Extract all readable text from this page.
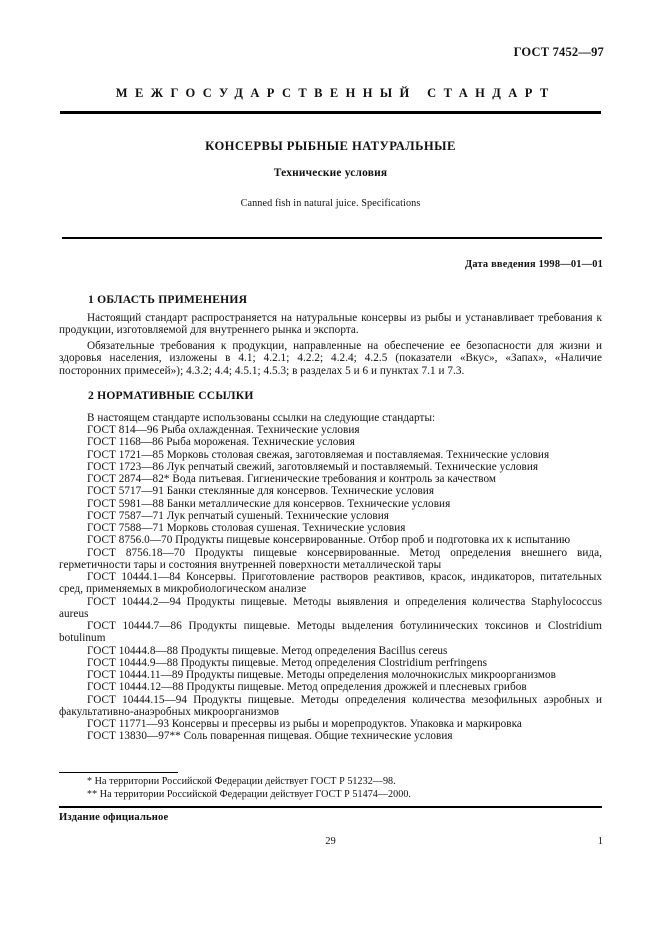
ГОСТ 7452—97
МЕЖГОСУДАРСТВЕННЫЙ СТАНДАРТ
КОНСЕРВЫ РЫБНЫЕ НАТУРАЛЬНЫЕ
Технические условия
Canned fish in natural juice. Specifications
Дата введения 1998—01—01
1 ОБЛАСТЬ ПРИМЕНЕНИЯ

Настоящий стандарт распространяется на натуральные консервы из рыбы и устанавливает требования к продукции, изготовляемой для внутреннего рынка и экспорта.

Обязательные требования к продукции, направленные на обеспечение ее безопасности для жизни и здоровья населения, изложены в 4.1; 4.2.1; 4.2.2; 4.2.4; 4.2.5 (показатели «Вкус», «Запах», «Наличие посторонних примесей»); 4.3.2; 4.4; 4.5.1; 4.5.3; в разделах 5 и 6 и пунктах 7.1 и 7.3.

2 НОРМАТИВНЫЕ ССЫЛКИ

В настоящем стандарте использованы ссылки на следующие стандарты:

ГОСТ 814—96 Рыба охлажденная. Технические условия

ГОСТ 1168—86 Рыба мороженая. Технические условия

ГОСТ 1721—85 Морковь столовая свежая, заготовляемая и поставляемая. Технические условия

ГОСТ 1723—86 Лук репчатый свежий, заготовляемый и поставляемый. Технические условия

ГОСТ 2874—82* Вода питьевая. Гигиенические требования и контроль за качеством

ГОСТ 5717—91 Банки стеклянные для консервов. Технические условия

ГОСТ 5981—88 Банки металлические для консервов. Технические условия

ГОСТ 7587—71 Лук репчатый сушеный. Технические условия

ГОСТ 7588—71 Морковь столовая сушеная. Технические условия

ГОСТ 8756.0—70 Продукты пищевые консервированные. Отбор проб и подготовка их к испытанию

ГОСТ 8756.18—70 Продукты пищевые консервированные. Метод определения внешнего вида, герметичности тары и состояния внутренней поверхности металлической тары

ГОСТ 10444.1—84 Консервы. Приготовление растворов реактивов, красок, индикаторов, питательных сред, применяемых в микробиологическом анализе

ГОСТ 10444.2—94 Продукты пищевые. Методы выявления и определения количества Staphylococcus aureus

ГОСТ 10444.7—86 Продукты пищевые. Методы выделения ботулинических токсинов и Clostridium botulinum

ГОСТ 10444.8—88 Продукты пищевые. Метод определения Bacillus cereus

ГОСТ 10444.9—88 Продукты пищевые. Метод определения Clostridium perfringens

ГОСТ 10444.11—89 Продукты пищевые. Методы определения молочнокислых микроорганизмов

ГОСТ 10444.12—88 Продукты пищевые. Метод определения дрожжей и плесневых грибов

ГОСТ 10444.15—94 Продукты пищевые. Методы определения количества мезофильных аэробных и факультативно-анаэробных микроорганизмов

ГОСТ 11771—93 Консервы и пресервы из рыбы и морепродуктов. Упаковка и маркировка

ГОСТ 13830—97** Соль поваренная пищевая. Общие технические условия

* На территории Российской Федерации действует ГОСТ Р 51232—98.

** На территории Российской Федерации действует ГОСТ Р 51474—2000.

Издание официальное
29	1
